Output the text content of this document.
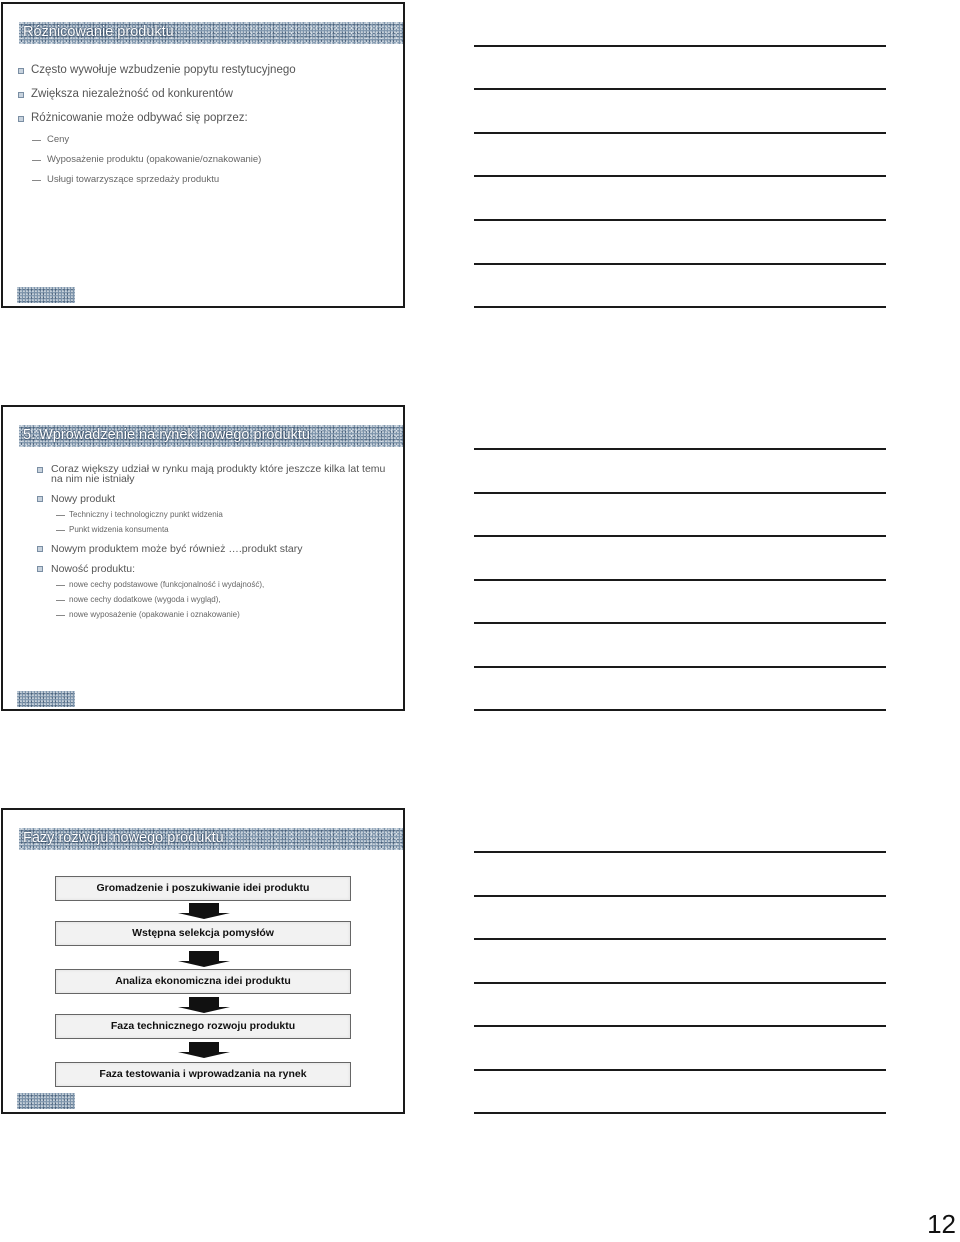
Różnicowanie produktu
Często wywołuje wzbudzenie popytu restytucyjnego
Zwiększa niezależność od konkurentów
Różnicowanie może odbywać się poprzez:
Ceny
Wyposażenie produktu (opakowanie/oznakowanie)
Usługi towarzyszące sprzedaży produktu
5. Wprowadzenie na rynek nowego produktu
Coraz większy udział w rynku mają produkty które jeszcze kilka lat temu na nim nie istniały
Nowy produkt
Techniczny i technologiczny punkt widzenia
Punkt widzenia konsumenta
Nowym produktem może być również ….produkt stary
Nowość produktu:
nowe cechy podstawowe (funkcjonalność i wydajność),
nowe cechy dodatkowe (wygoda i wygląd),
nowe wyposażenie (opakowanie i oznakowanie)
Fazy rozwoju nowego produktu
Gromadzenie i poszukiwanie idei produktu
Wstępna selekcja pomysłów
Analiza ekonomiczna idei produktu
Faza technicznego rozwoju produktu
Faza testowania i wprowadzania na rynek
12
